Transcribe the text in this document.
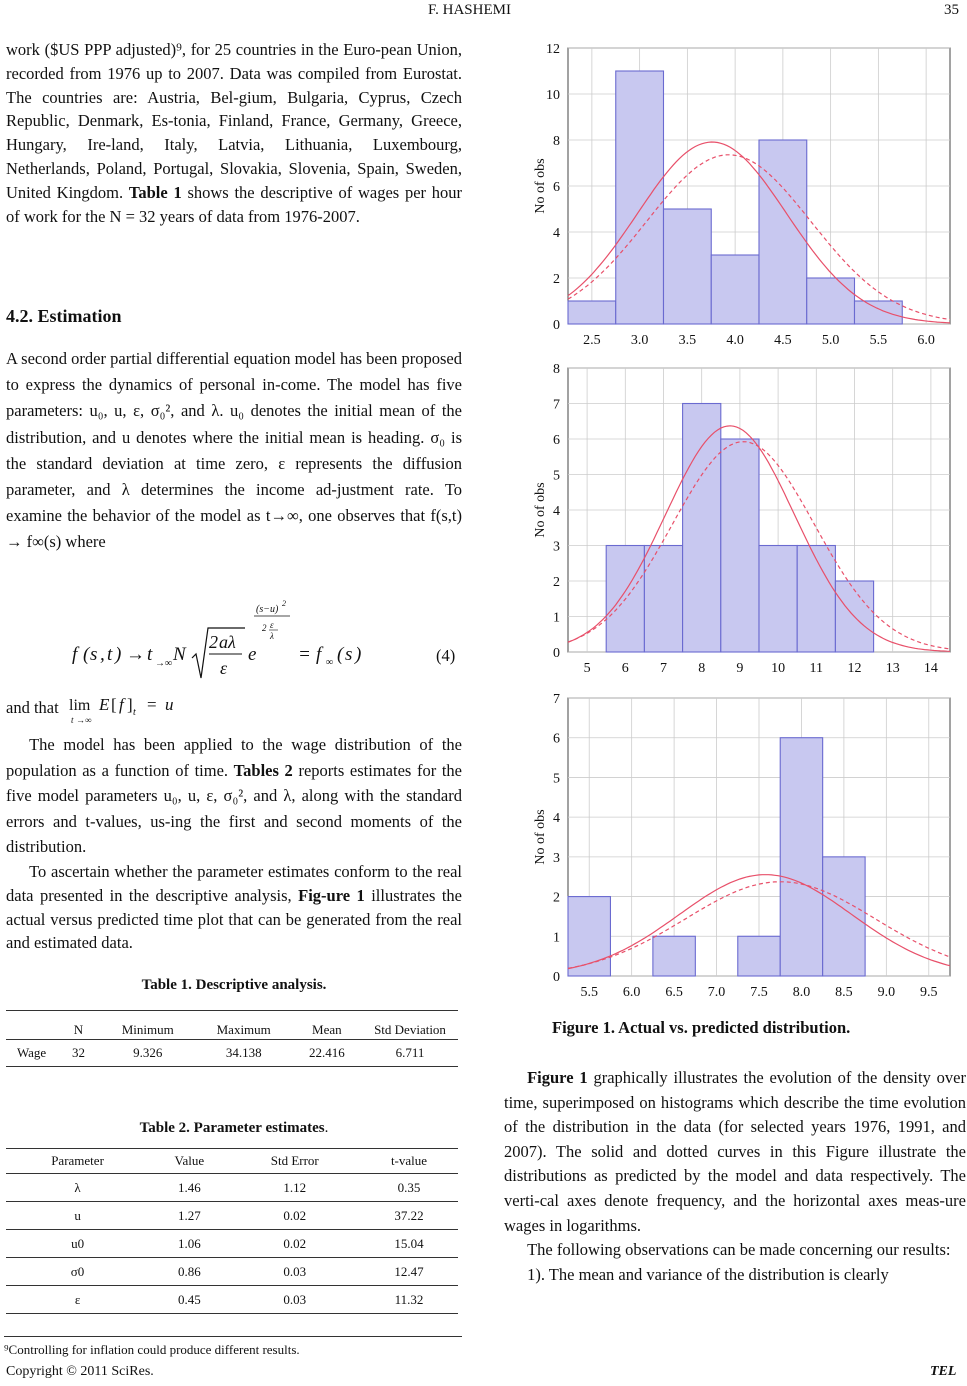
F. HASHEMI	35

work ($US PPP adjusted)⁹, for 25 countries in the Euro-pean Union, recorded from 1976 up to 2007. Data was compiled from Eurostat. The countries are: Austria, Bel-gium, Bulgaria, Cyprus, Czech Republic, Denmark, Es-tonia, Finland, France, Germany, Greece, Hungary, Ire-land, Italy, Latvia, Lithuania, Luxembourg, Netherlands, Poland, Portugal, Slovakia, Slovenia, Spain, Sweden, United Kingdom. Table 1 shows the descriptive of wages per hour of work for the N = 32 years of data from 1976-2007.

4.2. Estimation

A second order partial differential equation model has been proposed to express the dynamics of personal in-come. The model has five parameters: u₀, u, ε, σ₀², and λ. u₀ denotes the initial mean of the distribution, and u denotes where the initial mean is heading. σ₀ is the standard deviation at time zero, ε represents the diffusion parameter, and λ determines the income ad-justment rate. To examine the behavior of the model as t→∞, one observes that f(s,t) → f∞(s) where

f ( s , t ) → t →∞ N
2 aλ
ε
e
(s−u)
2
2 ε
λ
= f ∞ ( s )	(4)
and that lim
t →∞
E [ f ] t = u

The model has been applied to the wage distribution of the population as a function of time. Tables 2 reports estimates for the five model parameters u₀, u, ε, σ₀², and λ, along with the standard errors and t-values, us-ing the first and second moments of the distribution.

To ascertain whether the parameter estimates conform to the real data presented in the descriptive analysis, Fig-ure 1 illustrates the actual versus predicted time plot that can be generated from the real and estimated data.

Table 1. Descriptive analysis.
	N	Minimum	Maximum	Mean	Std Deviation
Wage	32	9.326	34.138	22.416	6.711
Table 2. Parameter estimates.
Parameter	Value	Std Error	t-value
λ	1.46	1.12	0.35
u	1.27	0.02	37.22
u0	1.06	0.02	15.04
σ0	0.86	0.03	12.47
ε	0.45	0.03	11.32
⁹Controlling for inflation could produce different results.
0
2
4
6
8
10
12
2.5 3.0 3.5 4.0 4.5 5.0 5.5 6.0
No of obs
0
1
2
3
4
5
6
7
8
5 6 7 8 9 10 11 12 13 14
No of obs
0
1
2
3
4
5
6
7
5.5 6.0 6.5 7.0 7.5 8.0 8.5 9.0 9.5
No of obs
Figure 1. Actual vs. predicted distribution.

Figure 1 graphically illustrates the evolution of the density over time, superimposed on histograms which describe the time evolution of the distribution in the data (for selected years 1976, 1991, and 2007). The solid and dotted curves in this Figure illustrate the distributions as predicted by the model and data respectively. The verti-cal axes denote frequency, and the horizontal axes meas-ure wages in logarithms.

The following observations can be made concerning our results:

1). The mean and variance of the distribution is clearly

Copyright © 2011 SciRes.	TEL
